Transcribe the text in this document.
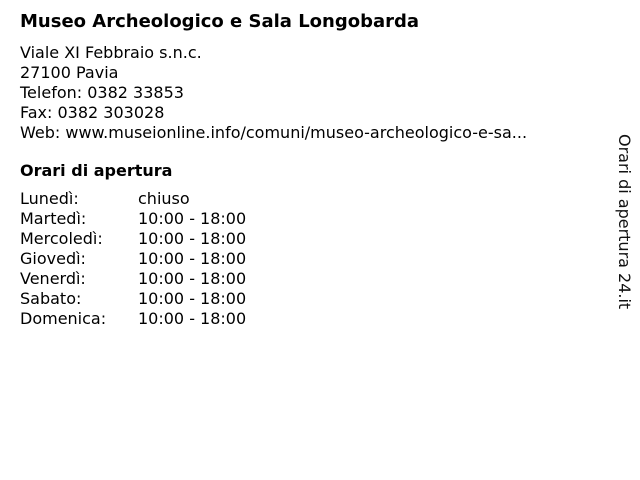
Museo Archeologico e Sala Longobarda
Viale XI Febbraio s.n.c.
27100 Pavia
Telefon: 0382 33853
Fax: 0382 303028
Web: www.museionline.info/comuni/museo-archeologico-e-sa...
Orari di apertura
Lunedì:	chiuso
Martedì:	10:00 - 18:00
Mercoledì:	10:00 - 18:00
Giovedì:	10:00 - 18:00
Venerdì:	10:00 - 18:00
Sabato:	10:00 - 18:00
Domenica:	10:00 - 18:00
Orari di apertura 24.it
